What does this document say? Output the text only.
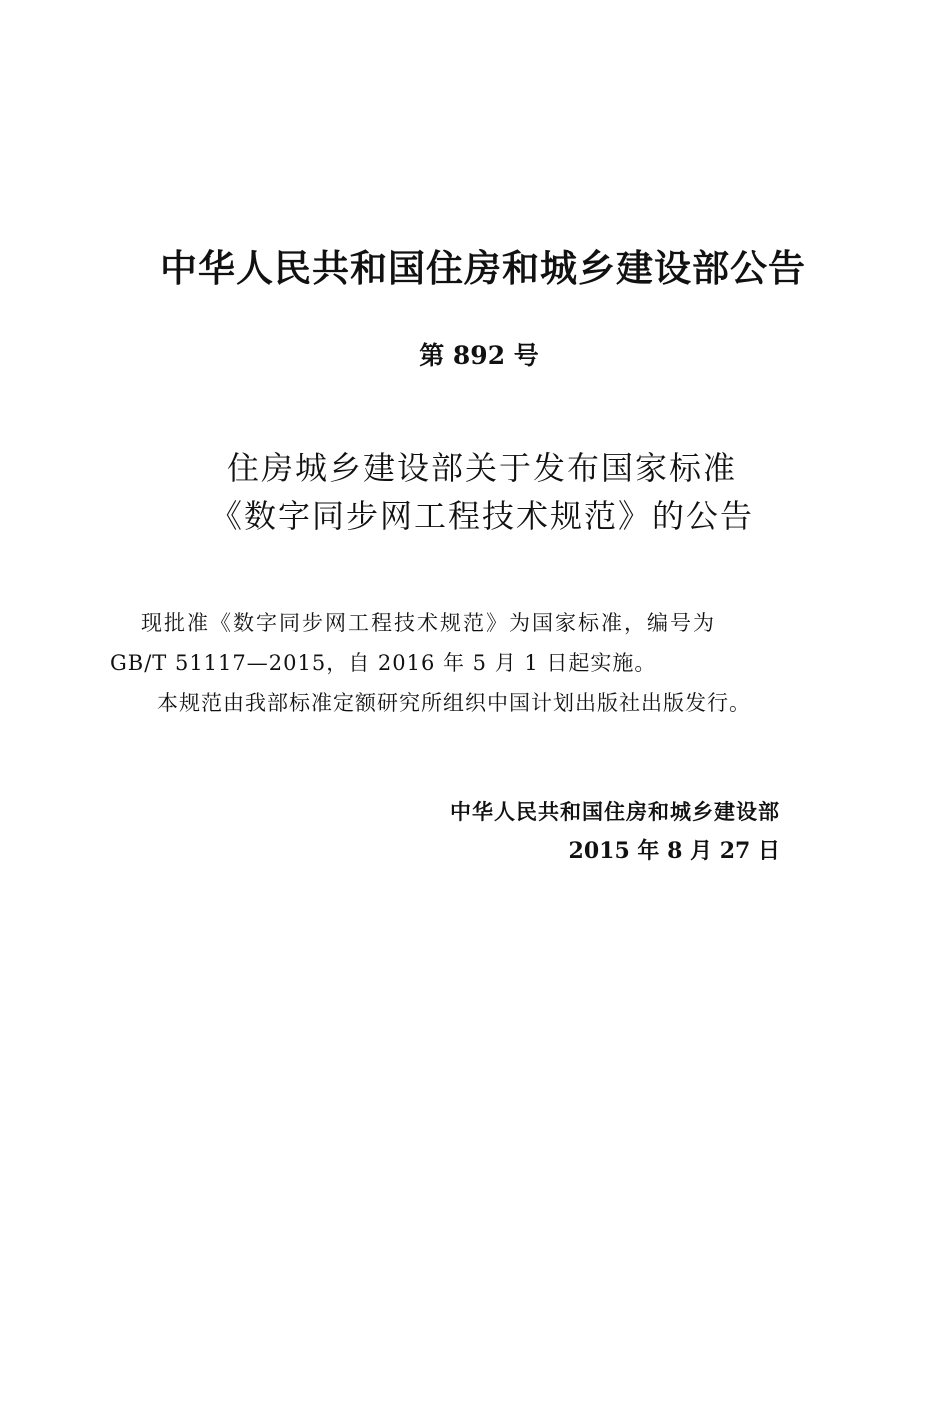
中华人民共和国住房和城乡建设部公告
第 892 号
住房城乡建设部关于发布国家标准
《数字同步网工程技术规范》的公告
现批准《数字同步网工程技术规范》为国家标准，编号为
GB/T 51117—2015，自 2016 年 5 月 1 日起实施。
本规范由我部标准定额研究所组织中国计划出版社出版发行。
中华人民共和国住房和城乡建设部
2015 年 8 月 27 日
